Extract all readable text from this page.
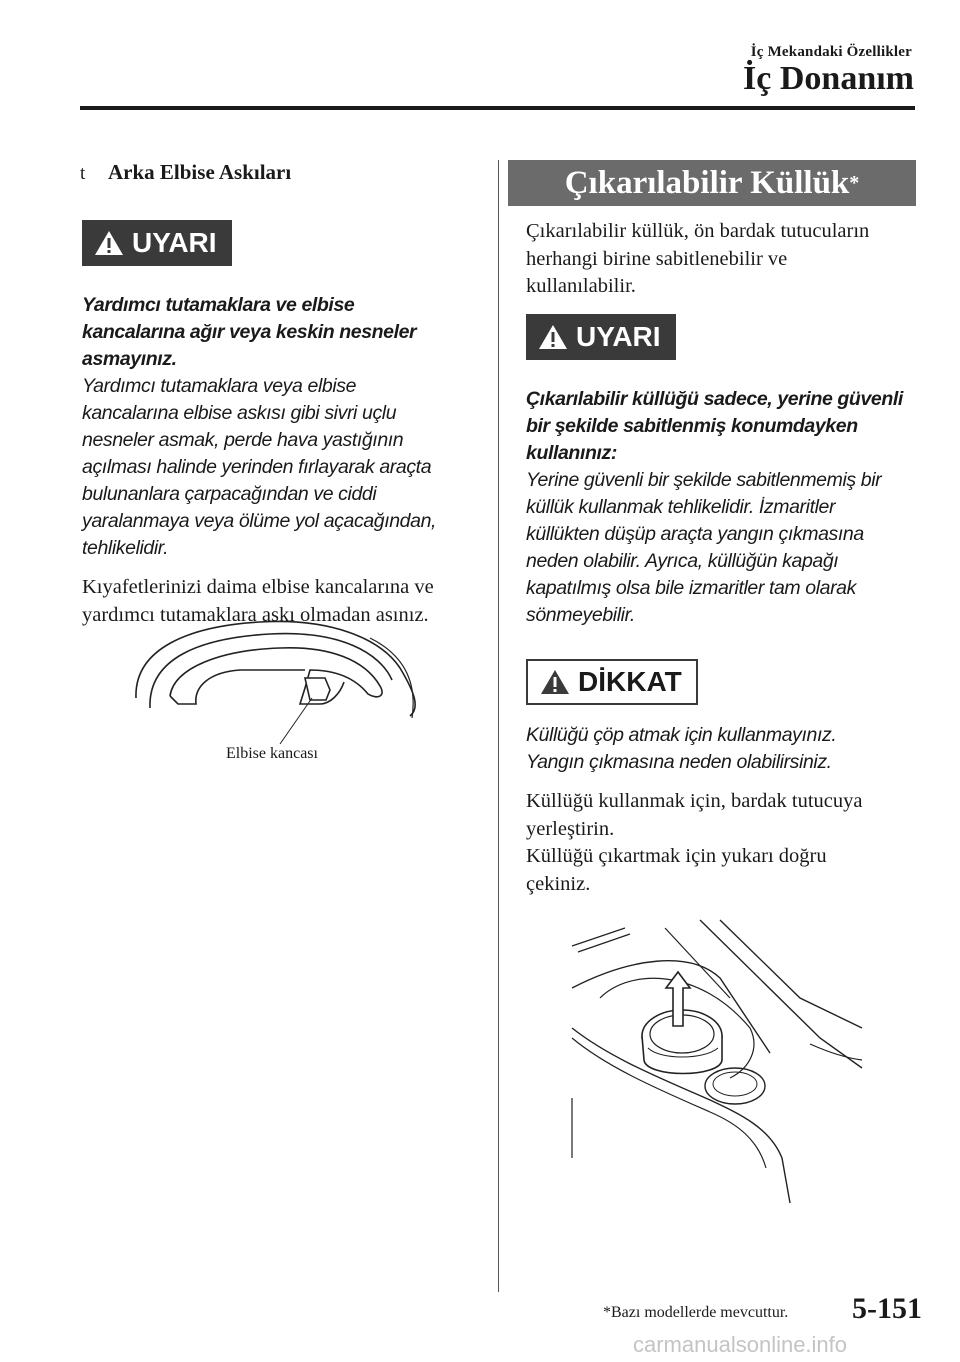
İç Mekandaki Özellikler
İç Donanım
t Arka Elbise Askıları
UYARI
Yardımcı tutamaklara ve elbise
kancalarına ağır veya keskin nesneler
asmayınız.
Yardımcı tutamaklara veya elbise
kancalarına elbise askısı gibi sivri uçlu
nesneler asmak, perde hava yastığının
açılması halinde yerinden fırlayarak araçta
bulunanlara çarpacağından ve ciddi
yaralanmaya veya ölüme yol açacağından,
tehlikelidir.
Kıyafetlerinizi daima elbise kancalarına ve
yardımcı tutamaklara askı olmadan asınız.
Elbise kancası
Çıkarılabilir Küllük *
Çıkarılabilir küllük, ön bardak tutucuların
herhangi birine sabitlenebilir ve
kullanılabilir.
UYARI
Çıkarılabilir küllüğü sadece, yerine güvenli
bir şekilde sabitlenmiş konumdayken
kullanınız:
Yerine güvenli bir şekilde sabitlenmemiş bir
küllük kullanmak tehlikelidir. İzmaritler
küllükten düşüp araçta yangın çıkmasına
neden olabilir. Ayrıca, küllüğün kapağı
kapatılmış olsa bile izmaritler tam olarak
sönmeyebilir.
DİKKAT
Küllüğü çöp atmak için kullanmayınız.
Yangın çıkmasına neden olabilirsiniz.
Küllüğü kullanmak için, bardak tutucuya
yerleştirin.
Küllüğü çıkartmak için yukarı doğru
çekiniz.
*Bazı modellerde mevcuttur. 5-151
carmanualsonline.info
